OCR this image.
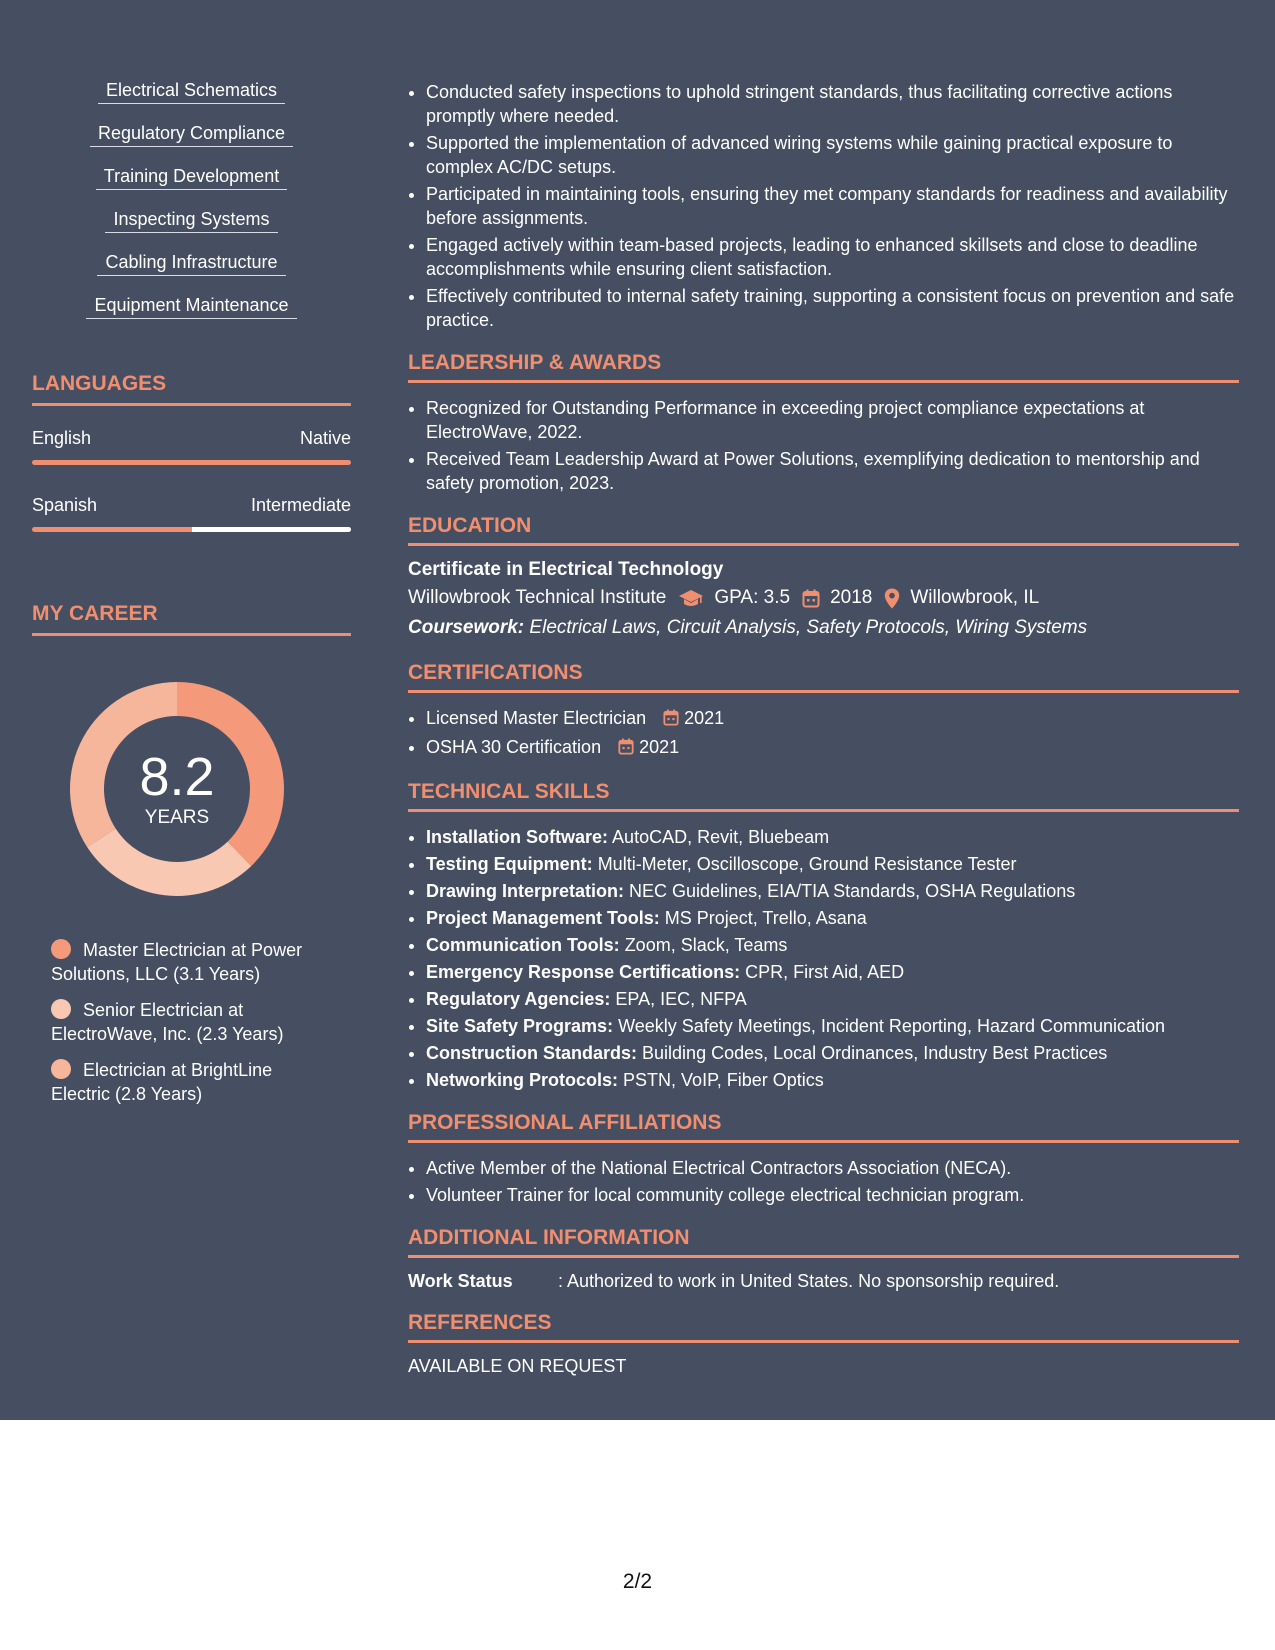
Electrical Schematics
Regulatory Compliance
Training Development
Inspecting Systems
Cabling Infrastructure
Equipment Maintenance
LANGUAGES
English	Native
Spanish	Intermediate
MY CAREER
8.2
YEARS
Master Electrician at Power Solutions, LLC (3.1 Years)
Senior Electrician at ElectroWave, Inc. (2.3 Years)
Electrician at BrightLine Electric (2.8 Years)
• Conducted safety inspections to uphold stringent standards, thus facilitating corrective actions promptly where needed.
• Supported the implementation of advanced wiring systems while gaining practical exposure to complex AC/DC setups.
• Participated in maintaining tools, ensuring they met company standards for readiness and availability before assignments.
• Engaged actively within team-based projects, leading to enhanced skillsets and close to deadline accomplishments while ensuring client satisfaction.
• Effectively contributed to internal safety training, supporting a consistent focus on prevention and safe practice.
LEADERSHIP & AWARDS
• Recognized for Outstanding Performance in exceeding project compliance expectations at ElectroWave, 2022.
• Received Team Leadership Award at Power Solutions, exemplifying dedication to mentorship and safety promotion, 2023.
EDUCATION
Certificate in Electrical Technology
Willowbrook Technical Institute	GPA: 3.5 2018 Willowbrook, IL
Coursework: Electrical Laws, Circuit Analysis, Safety Protocols, Wiring Systems
CERTIFICATIONS
• Licensed Master Electrician 2021
• OSHA 30 Certification 2021
TECHNICAL SKILLS
• Installation Software: AutoCAD, Revit, Bluebeam
• Testing Equipment: Multi-Meter, Oscilloscope, Ground Resistance Tester
• Drawing Interpretation: NEC Guidelines, EIA/TIA Standards, OSHA Regulations
• Project Management Tools: MS Project, Trello, Asana
• Communication Tools: Zoom, Slack, Teams
• Emergency Response Certifications: CPR, First Aid, AED
• Regulatory Agencies: EPA, IEC, NFPA
• Site Safety Programs: Weekly Safety Meetings, Incident Reporting, Hazard Communication
• Construction Standards: Building Codes, Local Ordinances, Industry Best Practices
• Networking Protocols: PSTN, VoIP, Fiber Optics
PROFESSIONAL AFFILIATIONS
• Active Member of the National Electrical Contractors Association (NECA).
• Volunteer Trainer for local community college electrical technician program.
ADDITIONAL INFORMATION
Work Status	: Authorized to work in United States. No sponsorship required.
REFERENCES
AVAILABLE ON REQUEST
2/2
